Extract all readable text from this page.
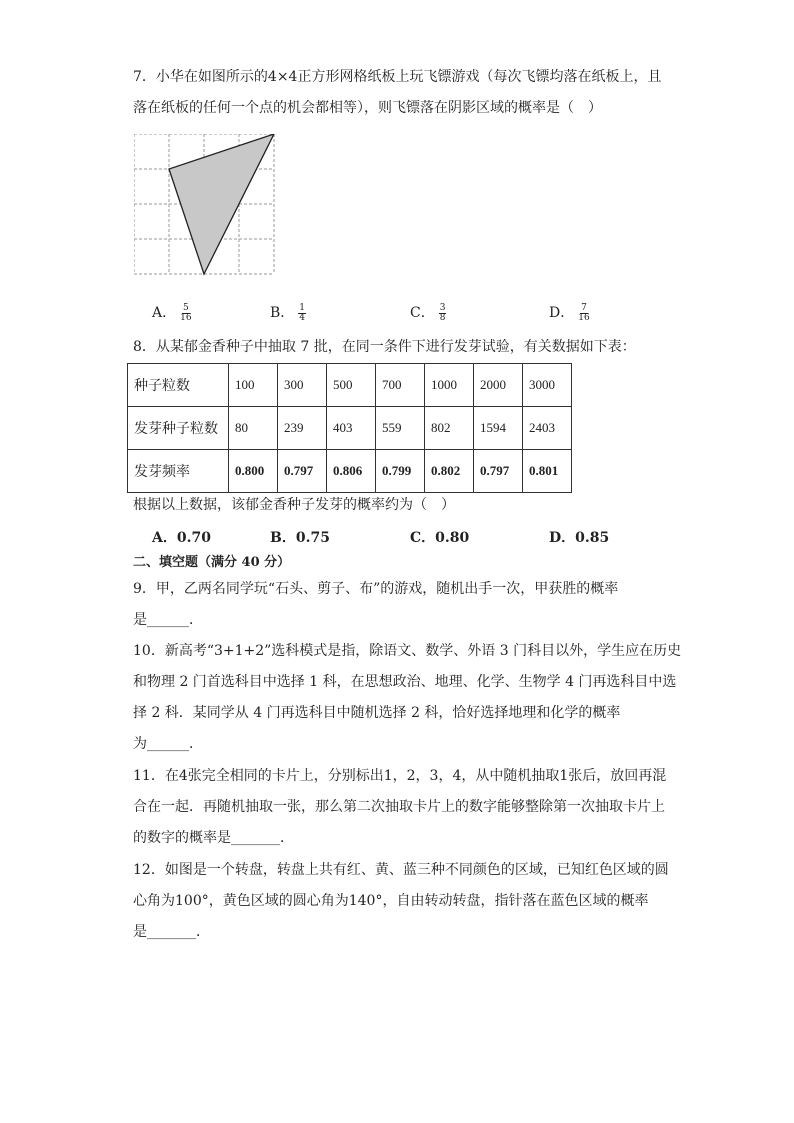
7．小华在如图所示的4×4正方形网格纸板上玩飞镖游戏（每次飞镖均落在纸板上，且
落在纸板的任何一个点的机会都相等），则飞镖落在阴影区域的概率是（　）
A． $\frac{5}{16}$	B． $\frac{1}{4}$	C． $\frac{3}{8}$	D． $\frac{7}{16}$
8．从某郁金香种子中抽取 7 批，在同一条件下进行发芽试验，有关数据如下表：
种子粒数	100	300	500	700	1000	2000	3000
发芽种子粒数	80	239	403	559	802	1594	2403
发芽频率	0.800	0.797	0.806	0.799	0.802	0.797	0.801
根据以上数据，该郁金香种子发芽的概率约为（　）
A．0.70	B．0.75	C．0.80	D．0.85
二、填空题（满分 40 分）
9．甲，乙两名同学玩“石头、剪子、布”的游戏，随机出手一次，甲获胜的概率
是______．
10．新高考“3+1+2”选科模式是指，除语文、数学、外语 3 门科目以外，学生应在历史
和物理 2 门首选科目中选择 1 科，在思想政治、地理、化学、生物学 4 门再选科目中选
择 2 科．某同学从 4 门再选科目中随机选择 2 科，恰好选择地理和化学的概率
为______．
11．在4张完全相同的卡片上，分别标出1，2，3，4，从中随机抽取1张后，放回再混
合在一起．再随机抽取一张，那么第二次抽取卡片上的数字能够整除第一次抽取卡片上
的数字的概率是_______．
12．如图是一个转盘，转盘上共有红、黄、蓝三种不同颜色的区域，已知红色区域的圆
心角为100°，黄色区域的圆心角为140°，自由转动转盘，指针落在蓝色区域的概率
是_______．
